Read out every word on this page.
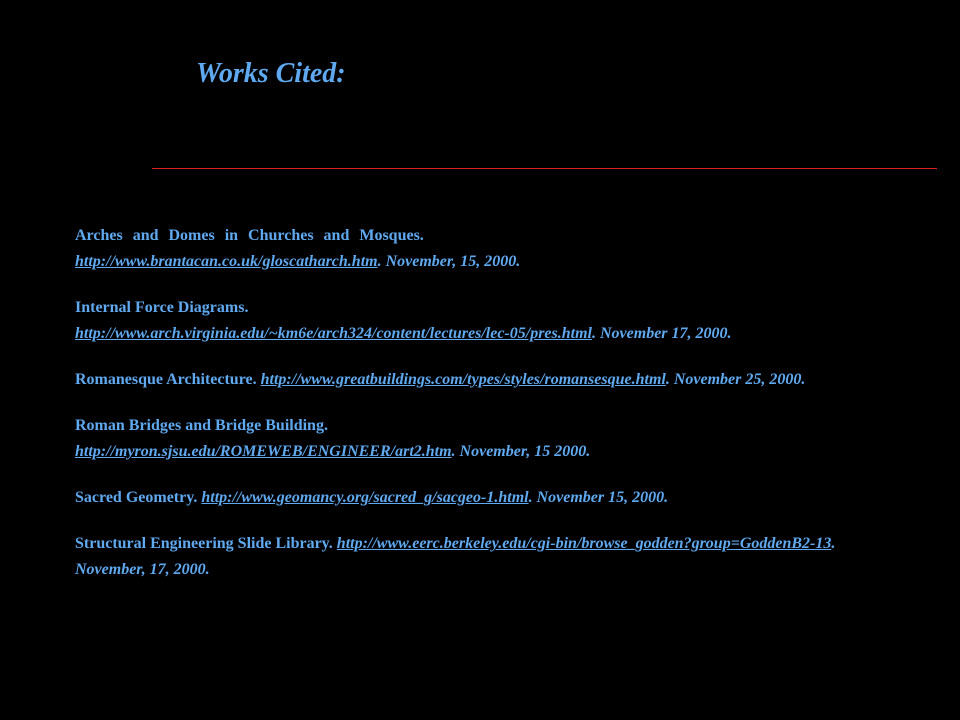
Works Cited:

Arches and Domes in Churches and Mosques.
http://www.brantacan.co.uk/gloscatharch.htm. November, 15, 2000.

Internal Force Diagrams.
http://www.arch.virginia.edu/~km6e/arch324/content/lectures/lec-05/pres.html. November 17, 2000.

Romanesque Architecture. http://www.greatbuildings.com/types/styles/romansesque.html. November 25, 2000.

Roman Bridges and Bridge Building.
http://myron.sjsu.edu/ROMEWEB/ENGINEER/art2.htm. November, 15 2000.

Sacred Geometry. http://www.geomancy.org/sacred_g/sacgeo-1.html. November 15, 2000.

Structural Engineering Slide Library. http://www.eerc.berkeley.edu/cgi-bin/browse_godden?group=GoddenB2-13. November, 17, 2000.
